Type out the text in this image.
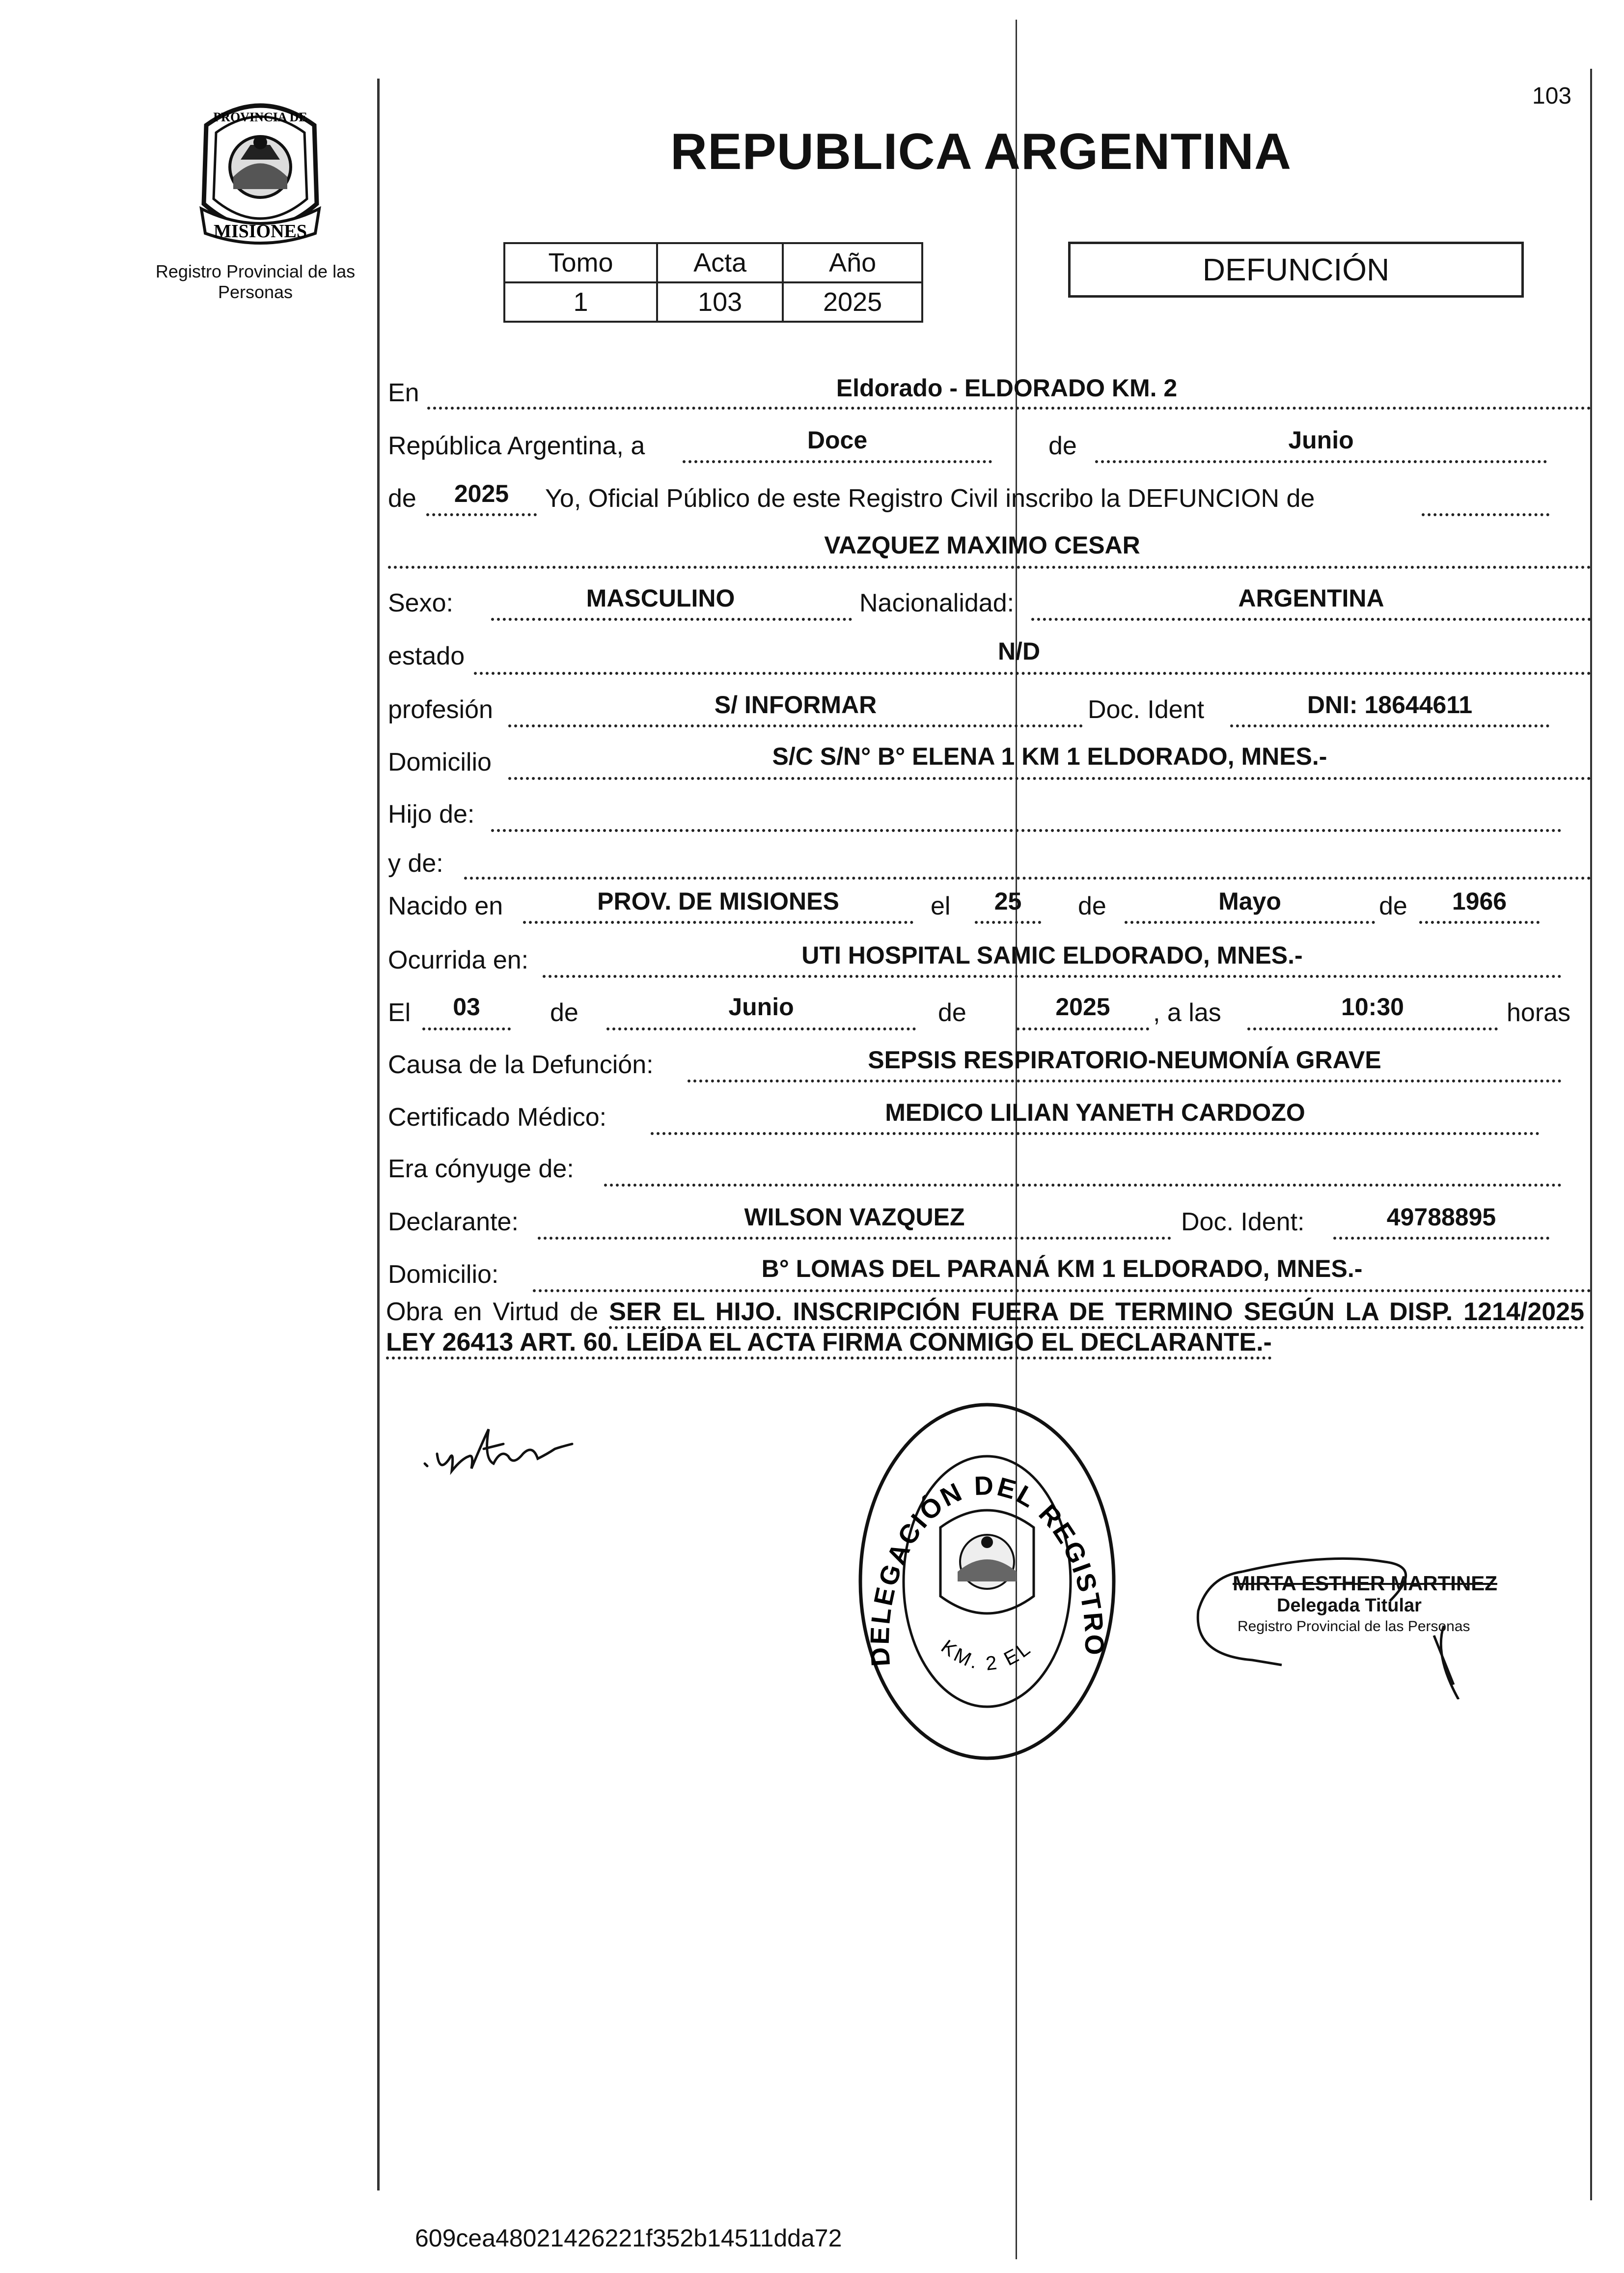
103
PROVINCIA DE
MISIONES
Registro Provincial de las Personas
REPUBLICA ARGENTINA
Tomo	Acta	Año
1	103	2025
DEFUNCIÓN
En	Eldorado - ELDORADO KM. 2
República Argentina, a	Doce	de	Junio
de	2025	Yo, Oficial Público de este Registro Civil inscribo la DEFUNCION de
VAZQUEZ MAXIMO CESAR
Sexo:	MASCULINO	Nacionalidad:	ARGENTINA
estado	N/D
profesión	S/ INFORMAR	Doc. Ident	DNI: 18644611
Domicilio	S/C S/N° B° ELENA 1 KM 1 ELDORADO, MNES.-
Hijo de:
y de:
Nacido en	PROV. DE MISIONES	el	25	de	Mayo	de	1966
Ocurrida en:	UTI HOSPITAL SAMIC ELDORADO, MNES.-
El	03	de	Junio	de	2025	, a las	10:30	horas
Causa de la Defunción:	SEPSIS RESPIRATORIO-NEUMONÍA GRAVE
Certificado Médico:	MEDICO LILIAN YANETH CARDOZO
Era cónyuge de:
Declarante:	WILSON VAZQUEZ	Doc. Ident:	49788895
Domicilio:	B° LOMAS DEL PARANÁ KM 1 ELDORADO, MNES.-
Obra en Virtud de SER EL HIJO. INSCRIPCIÓN FUERA DE TERMINO SEGÚN LA DISP. 1214/2025 LEY 26413 ART. 60. LEÍDA EL ACTA FIRMA CONMIGO EL DECLARANTE.-
DELEGACIÓN DEL REGISTRO
KM. 2 EL
MIRTA ESTHER MARTINEZ
Delegada Titular
Registro Provincial de las Personas
609cea48021426221f352b14511dda72
